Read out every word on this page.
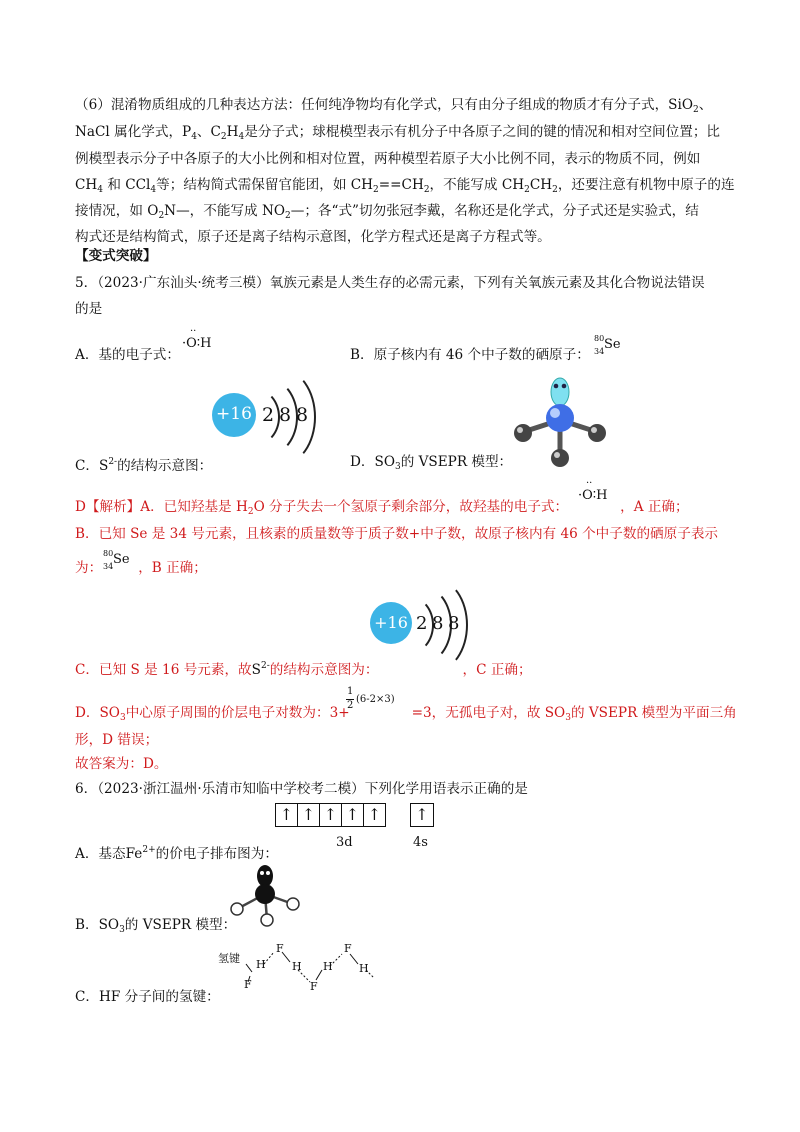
（6）混淆物质组成的几种表达方法：任何纯净物均有化学式，只有由分子组成的物质才有分子式，SiO$_2$、
NaCl 属化学式，$P_4$、$C_2H_4$是分子式；球棍模型表示有机分子中各原子之间的键的情况和相对空间位置；比
例模型表示分子中各原子的大小比例和相对位置，两种模型若原子大小比例不同，表示的物质不同，例如
$CH_4$ 和 CCl$_4$等；结构简式需保留官能团，如 $CH_2==CH_2$，不能写成 $CH_2CH_2$，还要注意有机物中原子的连
接情况，如 $O_2N—$，不能写成 $NO_2—$；各“式”切勿张冠李戴，名称还是化学式，分子式还是实验式，结
构式还是结构简式，原子还是离子结构示意图，化学方程式还是离子方程式等。
【变式突破】
5．（2023·广东汕头·统考三模）氧族元素是人类生存的必需元素，下列有关氧族元素及其化合物说法错误
的是
A．基的电子式：
··
·O∶H
B．原子核内有 46 个中子数的硒原子：
80
34 Se
+16 2 8 8
C．$S^{2-}$的结构示意图：	D．$SO_3$的 VSEPR 模型：
D【解析】A．已知羟基是 $H_2O$ 分子失去一个氢原子剩余部分，故羟基的电子式：	，A 正确；
··
·O∶H
B．已知 Se 是 34 号元素，且核素的质量数等于质子数+中子数，故原子核内有 46 个中子数的硒原子表示
为：	，B 正确；
80
34 Se
+16 2 8 8
C．已知 S 是 16 号元素，故$S^{2-}$的结构示意图为：	，C 正确；
D．$SO_3$中心原子周围的价层电子对数为：3+	=3，无孤电子对，故 $SO_3$的 VSEPR 模型为平面三角
1
2
(6-2×3)
形，D 错误；
故答案为：D。
6．（2023·浙江温州·乐清市知临中学校考二模）下列化学用语表示正确的是
↑ ↑ ↑ ↑ ↑	↑
3d	4s
A．基态$Fe^{2+}$的价电子排布图为：
B．$SO_3$的 VSEPR 模型：
氢键 H
F
F
H
F
H
F
H
C．HF 分子间的氢键：
